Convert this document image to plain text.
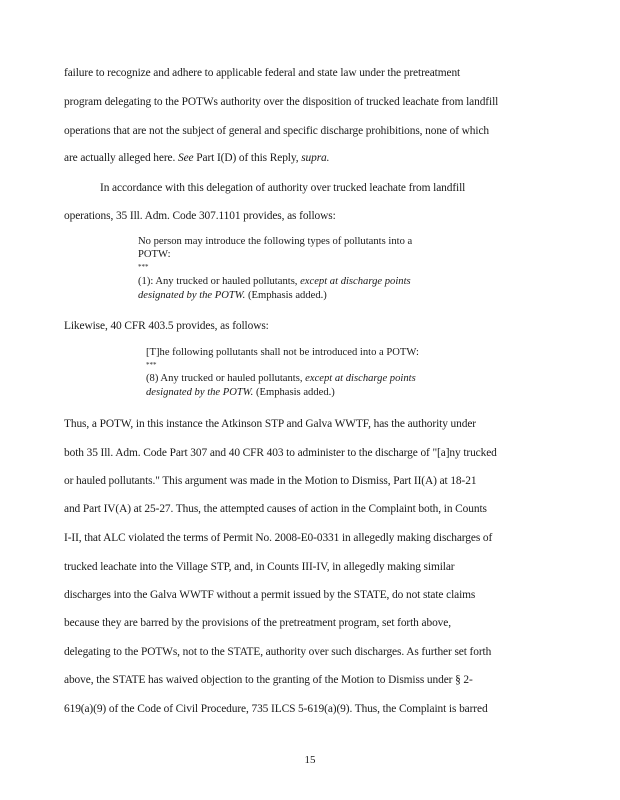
failure to recognize and adhere to applicable federal and state law under the pretreatment
program delegating to the POTWs authority over the disposition of trucked leachate from landfill
operations that are not the subject of general and specific discharge prohibitions, none of which
are actually alleged here. See Part I(D) of this Reply, supra.
In accordance with this delegation of authority over trucked leachate from landfill
operations, 35 Ill. Adm. Code 307.1101 provides, as follows:
No person may introduce the following types of pollutants into a
POTW:
***
(1): Any trucked or hauled pollutants, except at discharge points
designated by the POTW. (Emphasis added.)
Likewise, 40 CFR 403.5 provides, as follows:
[T]he following pollutants shall not be introduced into a POTW:
***
(8) Any trucked or hauled pollutants, except at discharge points
designated by the POTW. (Emphasis added.)
Thus, a POTW, in this instance the Atkinson STP and Galva WWTF, has the authority under
both 35 Ill. Adm. Code Part 307 and 40 CFR 403 to administer to the discharge of "[a]ny trucked
or hauled pollutants." This argument was made in the Motion to Dismiss, Part II(A) at 18-21
and Part IV(A) at 25-27. Thus, the attempted causes of action in the Complaint both, in Counts
I-II, that ALC violated the terms of Permit No. 2008-E0-0331 in allegedly making discharges of
trucked leachate into the Village STP, and, in Counts III-IV, in allegedly making similar
discharges into the Galva WWTF without a permit issued by the STATE, do not state claims
because they are barred by the provisions of the pretreatment program, set forth above,
delegating to the POTWs, not to the STATE, authority over such discharges. As further set forth
above, the STATE has waived objection to the granting of the Motion to Dismiss under § 2-
619(a)(9) of the Code of Civil Procedure, 735 ILCS 5-619(a)(9). Thus, the Complaint is barred
15
